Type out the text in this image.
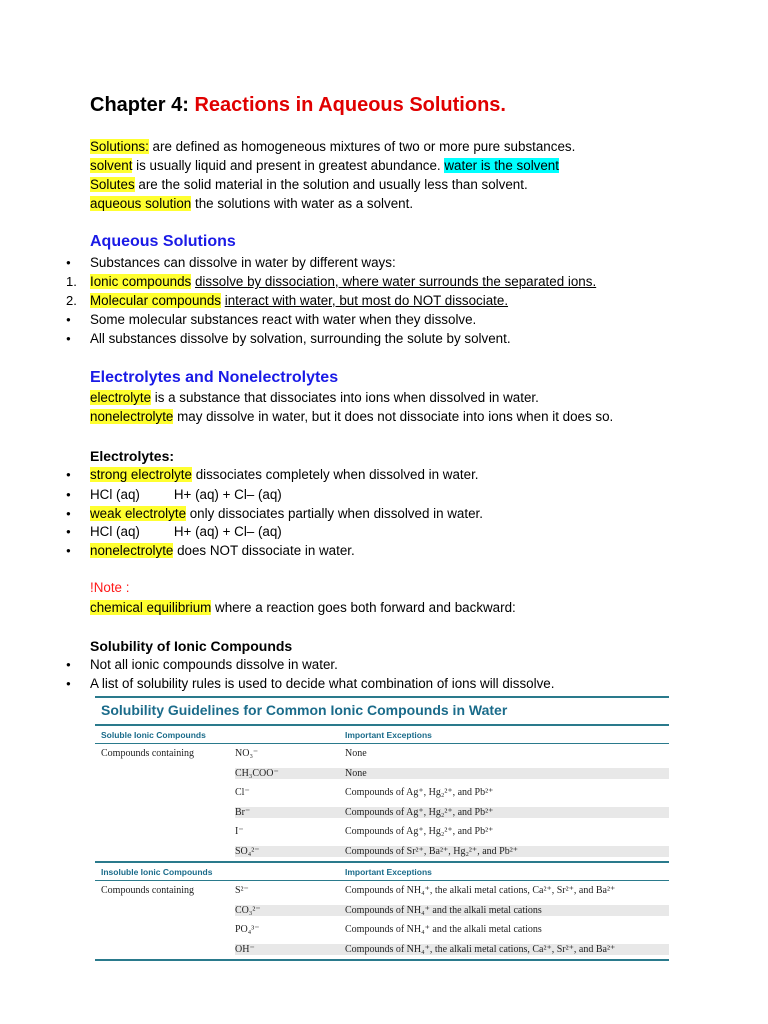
Chapter 4: Reactions in Aqueous Solutions.
Solutions: are defined as homogeneous mixtures of two or more pure substances.
solvent is usually liquid and present in greatest abundance. water is the solvent
Solutes are the solid material in the solution and usually less than solvent.
aqueous solution the solutions with water as a solvent.
Aqueous Solutions
●
Substances can dissolve in water by different ways:
1. Ionic compounds dissolve by dissociation, where water surrounds the separated ions.
2. Molecular compounds interact with water, but most do NOT dissociate.
●
Some molecular substances react with water when they dissolve.
●
All substances dissolve by solvation, surrounding the solute by solvent.
Electrolytes and Nonelectrolytes
electrolyte is a substance that dissociates into ions when dissolved in water.
nonelectrolyte may dissolve in water, but it does not dissociate into ions when it does so.
Electrolytes:
●
strong electrolyte dissociates completely when dissolved in water.
●
HCl (aq)	H+ (aq) + Cl– (aq)
●
weak electrolyte only dissociates partially when dissolved in water.
●
HCl (aq)	H+ (aq) + Cl– (aq)
●
nonelectrolyte does NOT dissociate in water.
!Note :
chemical equilibrium where a reaction goes both forward and backward:
Solubility of Ionic Compounds
●
Not all ionic compounds dissolve in water.
●
A list of solubility rules is used to decide what combination of ions will dissolve.
Solubility Guidelines for Common Ionic Compounds in Water
Soluble Ionic Compounds	Important Exceptions
Compounds containing	NO₃⁻	None
CH₃COO⁻	None
Cl⁻	Compounds of Ag⁺, Hg₂²⁺, and Pb²⁺
Br⁻	Compounds of Ag⁺, Hg₂²⁺, and Pb²⁺
I⁻	Compounds of Ag⁺, Hg₂²⁺, and Pb²⁺
SO₄²⁻	Compounds of Sr²⁺, Ba²⁺, Hg₂²⁺, and Pb²⁺
Insoluble Ionic Compounds	Important Exceptions
Compounds containing	S²⁻	Compounds of NH₄⁺, the alkali metal cations, Ca²⁺, Sr²⁺, and Ba²⁺
CO₃²⁻	Compounds of NH₄⁺ and the alkali metal cations
PO₄³⁻	Compounds of NH₄⁺ and the alkali metal cations
OH⁻	Compounds of NH₄⁺, the alkali metal cations, Ca²⁺, Sr²⁺, and Ba²⁺
